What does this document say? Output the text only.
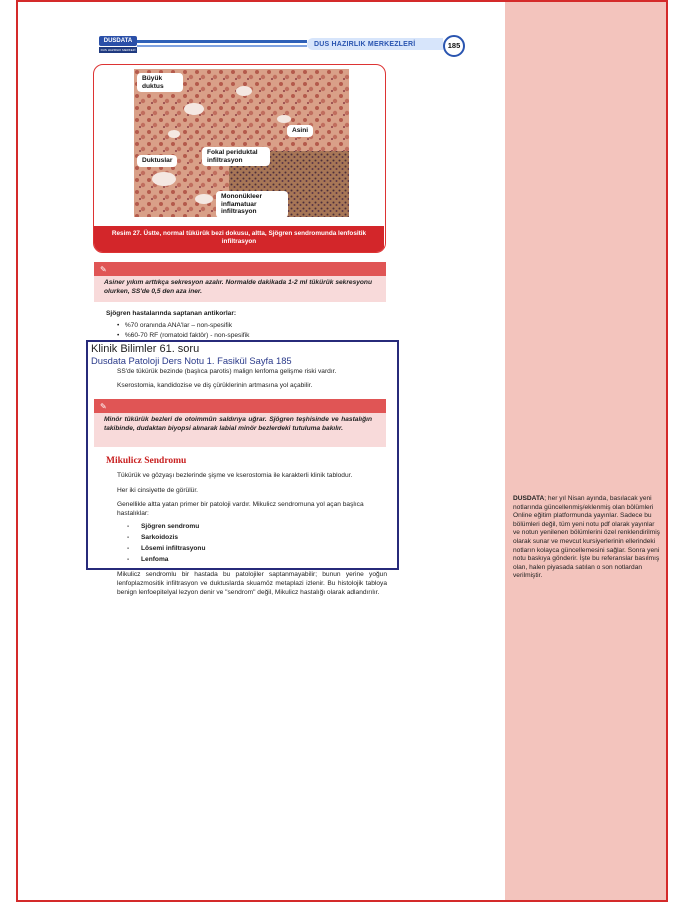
DUSDATA
DUS HAZIRLIK MERKEZİ
DUS HAZIRLIK MERKEZLERİ	185
Büyük duktus
Asini
Fokal periduktal infiltrasyon
Duktuslar
Mononükleer inflamatuar infiltrasyon
Resim 27. Üstte, normal tükürük bezi dokusu, altta, Sjögren sendromunda lenfositik infiltrasyon
✎
Asiner yıkım arttıkça sekresyon azalır. Normalde dakikada 1-2 ml tükürük sekresyonu olurken, SS'de 0,5 den aza iner.
Sjögren hastalarında saptanan antikorlar:
•   %70 oranında ANA'lar – non-spesifik
•   %60-70 RF (romatoid faktör) - non-spesifik
SS'de tükürük bezinde (başlıca parotis) malign lenfoma gelişme riski vardır.
Kserostomia, kandidozise ve diş çürüklerinin artmasına yol açabilir.
✎
Minör tükürük bezleri de otoimmün saldırıya uğrar. Sjögren teşhisinde ve hastalığın takibinde, dudaktan biyopsi alınarak labial minör bezlerdeki tutuluma bakılır.
Mikulicz Sendromu
Tükürük ve gözyaşı bezlerinde şişme ve kserostomia ile karakterli klinik tablodur.
Her iki cinsiyette de görülür.
Genellikle altta yatan primer bir patoloji vardır. Mikulicz sendromuna yol açan başlıca hastalıklar:
- Sjögren sendromu
- Sarkoidozis
- Lösemi infiltrasyonu
- Lenfoma
Mikulicz sendromlu bir hastada bu patolojiler saptanmayabilir; bunun yerine yoğun lenfoplazmositik infiltrasyon ve duktuslarda skuamöz metaplazi izlenir. Bu histolojik tabloya benign lenfoepitelyal lezyon denir ve "sendrom" değil, Mikulicz hastalığı olarak adlandırılır.
Klinik Bilimler 61. soru
Dusdata Patoloji Ders Notu 1. Fasikül Sayfa 185
DUSDATA; her yıl Nisan ayında, basılacak yeni notlarında güncellenmiş/eklenmiş olan bölümleri Online eğitim platformunda yayınlar. Sadece bu bölümleri değil, tüm yeni notu pdf olarak yayınlar ve notun yenilenen bölümlerini özel renklendirilmiş olarak sunar ve mevcut kursiyerlerinin ellerindeki notların kolayca güncellemesini sağlar. Sonra yeni notu baskıya gönderir. İşte bu referanslar basılmış olan, halen piyasada satılan o son notlardan verilmiştir.
